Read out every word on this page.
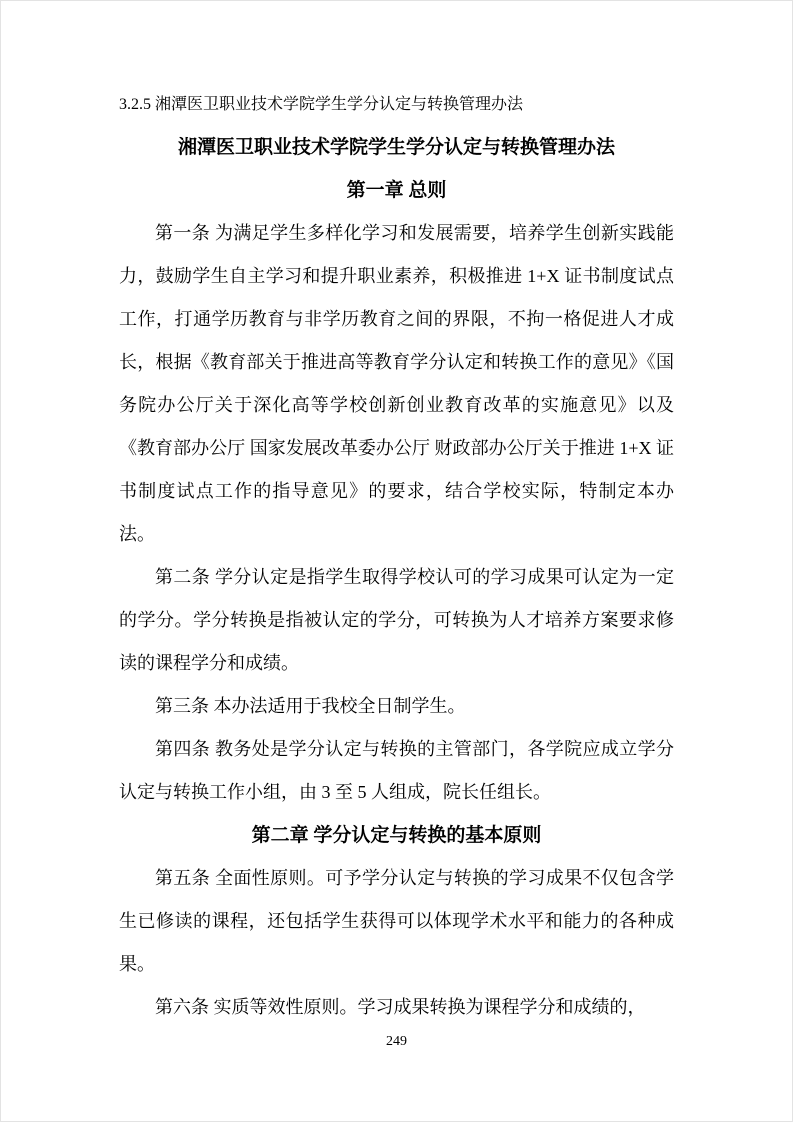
3.2.5 湘潭医卫职业技术学院学生学分认定与转换管理办法
湘潭医卫职业技术学院学生学分认定与转换管理办法
第一章 总则

第一条 为满足学生多样化学习和发展需要，培养学生创新实践能力，鼓励学生自主学习和提升职业素养，积极推进 1+X 证书制度试点工作，打通学历教育与非学历教育之间的界限，不拘一格促进人才成长，根据《教育部关于推进高等教育学分认定和转换工作的意见》《国务院办公厅关于深化高等学校创新创业教育改革的实施意见》以及《教育部办公厅 国家发展改革委办公厅 财政部办公厅关于推进 1+X 证书制度试点工作的指导意见》的要求，结合学校实际，特制定本办法。

第二条 学分认定是指学生取得学校认可的学习成果可认定为一定的学分。学分转换是指被认定的学分，可转换为人才培养方案要求修读的课程学分和成绩。

第三条 本办法适用于我校全日制学生。

第四条 教务处是学分认定与转换的主管部门，各学院应成立学分认定与转换工作小组，由 3 至 5 人组成，院长任组长。

第二章 学分认定与转换的基本原则

第五条 全面性原则。可予学分认定与转换的学习成果不仅包含学生已修读的课程，还包括学生获得可以体现学术水平和能力的各种成果。

第六条 实质等效性原则。学习成果转换为课程学分和成绩的，

249
